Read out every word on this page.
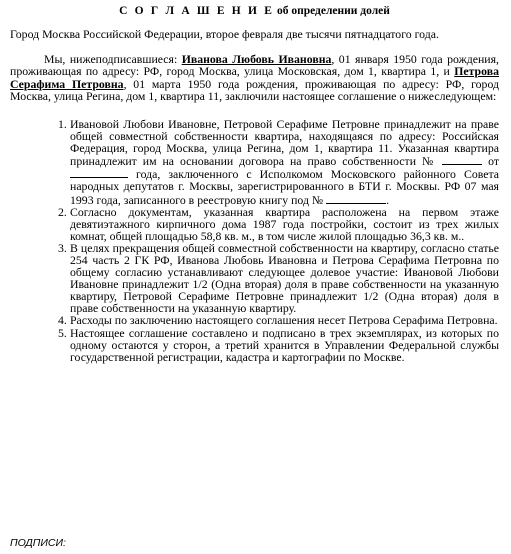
С О Г Л А Ш Е Н И Е об определении долей

Город Москва Российской Федерации, второе февраля две тысячи пятнадцатого года.

Мы, нижеподписавшиеся: Иванова Любовь Ивановна, 01 января 1950 года рождения, проживающая по адресу: РФ, город Москва, улица Московская, дом 1, квартира 1, и Петрова Серафима Петровна, 01 марта 1950 года рождения, проживающая по адресу: РФ, город Москва, улица Регина, дом 1, квартира 11, заключили настоящее соглашение о нижеследующем:

1. Ивановой Любови Ивановне, Петровой Серафиме Петровне принадлежит на праве общей совместной собственности квартира, находящаяся по адресу: Российская Федерация, город Москва, улица Регина, дом 1, квартира 11. Указанная квартира принадлежит им на основании договора на право собственности №	от  года, заключенного с Исполкомом Московского районного Совета народных депутатов г. Москвы, зарегистрированного в БТИ г. Москвы. РФ 07 мая 1993 года, записанного в реестровую книгу под №	.
2. Согласно документам, указанная квартира расположена на первом этаже девятиэтажного кирпичного дома 1987 года постройки, состоит из трех жилых комнат, общей площадью 58,8 кв. м., в том числе жилой площадью 36,3 кв. м..
3. В целях прекращения общей совместной собственности на квартиру, согласно статье 254 часть 2 ГК РФ, Иванова Любовь Ивановна и Петрова Серафима Петровна по общему согласию устанавливают следующее долевое участие: Ивановой Любови Ивановне принадлежит 1/2 (Одна вторая) доля в праве собственности на указанную квартиру, Петровой Серафиме Петровне принадлежит 1/2 (Одна вторая) доля в праве собственности на указанную квартиру.
4. Расходы по заключению настоящего соглашения несет Петрова Серафима Петровна.
5. Настоящее соглашение составлено и подписано в трех экземплярах, из которых по одному остаются у сторон, а третий хранится в Управлении Федеральной службы государственной регистрации, кадастра и картографии по Москве.
ПОДПИСИ:
